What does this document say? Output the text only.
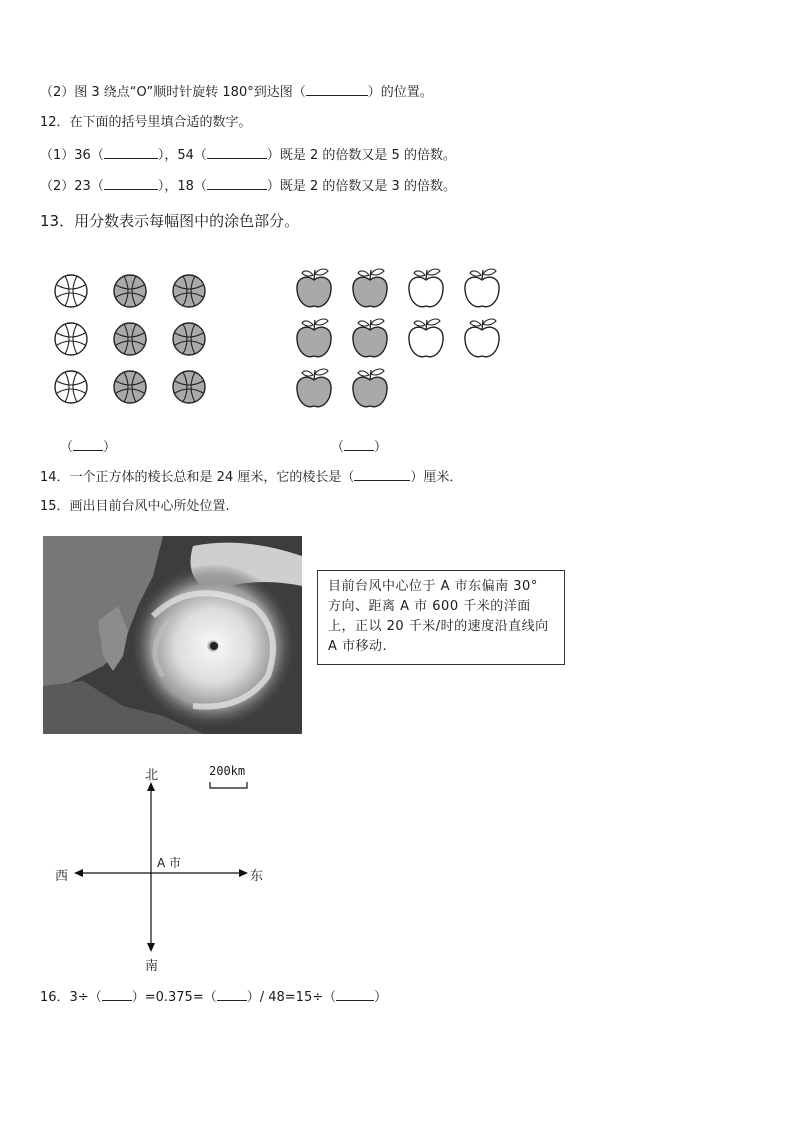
（2）图 3 绕点“O”顺时针旋转 180°到达图（	）的位置。
12．在下面的括号里填合适的数字。
（1）36（	），54（	）既是 2 的倍数又是 5 的倍数。
（2）23（	），18（	）既是 2 的倍数又是 3 的倍数。
13．用分数表示每幅图中的涂色部分。
（ ）	（ ）
14．一个正方体的棱长总和是 24 厘米，它的棱长是（	）厘米．
15．画出目前台风中心所处位置.
目前台风中心位于 A 市东偏南 30° 方向、距离 A 市 600 千米的洋面上，正以 20 千米/时的速度沿直线向 A 市移动.
北
南
西	东
A 市
200km
16．3÷（ ）=0.375=（ ）/ 48=15÷（	）
